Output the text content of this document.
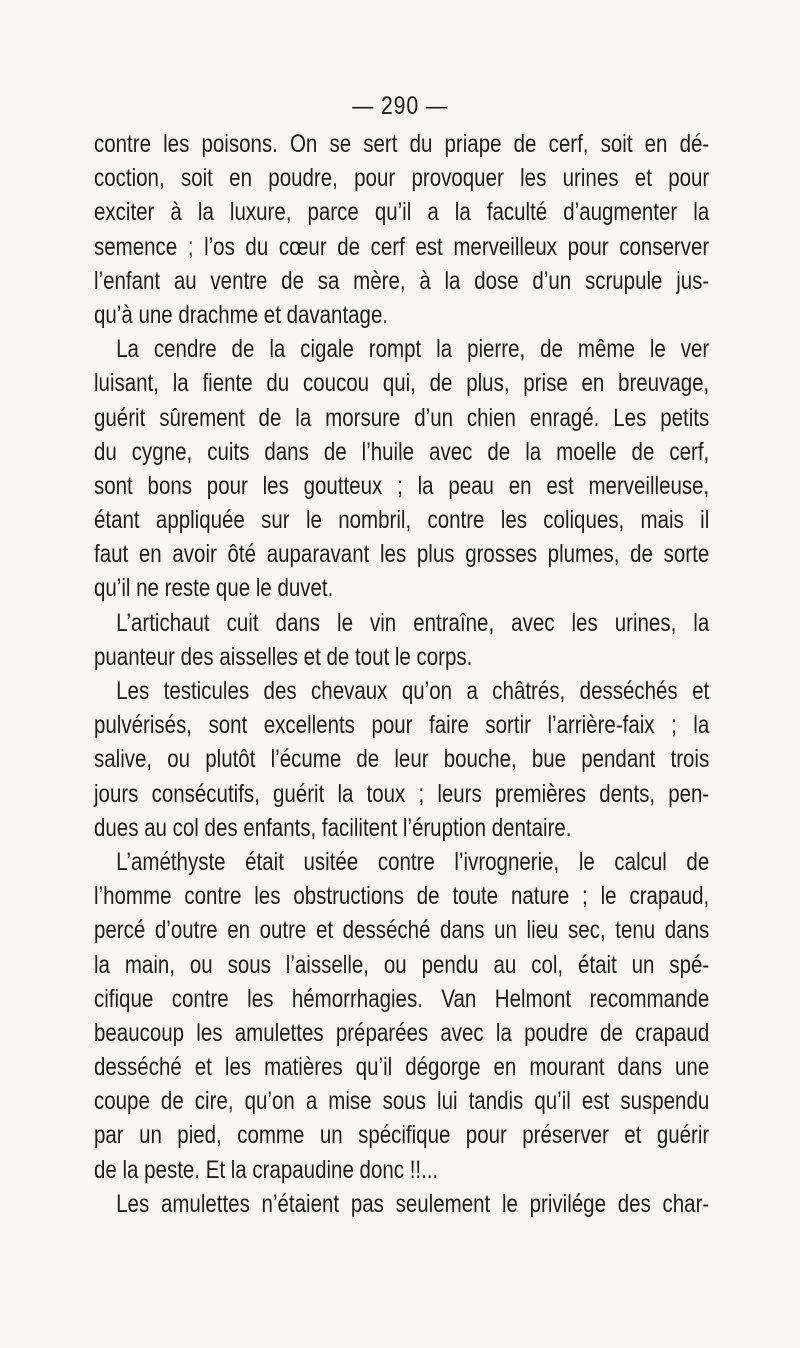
— 290 —
contre les poisons. On se sert du priape de cerf, soit en dé-
coction, soit en poudre, pour provoquer les urines et pour
exciter à la luxure, parce qu’il a la faculté d’augmenter la
semence ; l’os du cœur de cerf est merveilleux pour conserver
l’enfant au ventre de sa mère, à la dose d’un scrupule jus-
qu’à une drachme et davantage.
La cendre de la cigale rompt la pierre, de même le ver
luisant, la fiente du coucou qui, de plus, prise en breuvage,
guérit sûrement de la morsure d’un chien enragé. Les petits
du cygne, cuits dans de l’huile avec de la moelle de cerf,
sont bons pour les goutteux ; la peau en est merveilleuse,
étant appliquée sur le nombril, contre les coliques, mais il
faut en avoir ôté auparavant les plus grosses plumes, de sorte
qu’il ne reste que le duvet.
L’artichaut cuit dans le vin entraîne, avec les urines, la
puanteur des aisselles et de tout le corps.
Les testicules des chevaux qu’on a châtrés, desséchés et
pulvérisés, sont excellents pour faire sortir l’arrière-faix ; la
salive, ou plutôt l’écume de leur bouche, bue pendant trois
jours consécutifs, guérit la toux ; leurs premières dents, pen-
dues au col des enfants, facilitent l’éruption dentaire.
L’améthyste était usitée contre l’ivrognerie, le calcul de
l’homme contre les obstructions de toute nature ; le crapaud,
percé d’outre en outre et desséché dans un lieu sec, tenu dans
la main, ou sous l’aisselle, ou pendu au col, était un spé-
cifique contre les hémorrhagies. Van Helmont recommande
beaucoup les amulettes préparées avec la poudre de crapaud
desséché et les matières qu’il dégorge en mourant dans une
coupe de cire, qu’on a mise sous lui tandis qu’il est suspendu
par un pied, comme un spécifique pour préserver et guérir
de la peste. Et la crapaudine donc !!...
Les amulettes n’étaient pas seulement le privilége des char-
